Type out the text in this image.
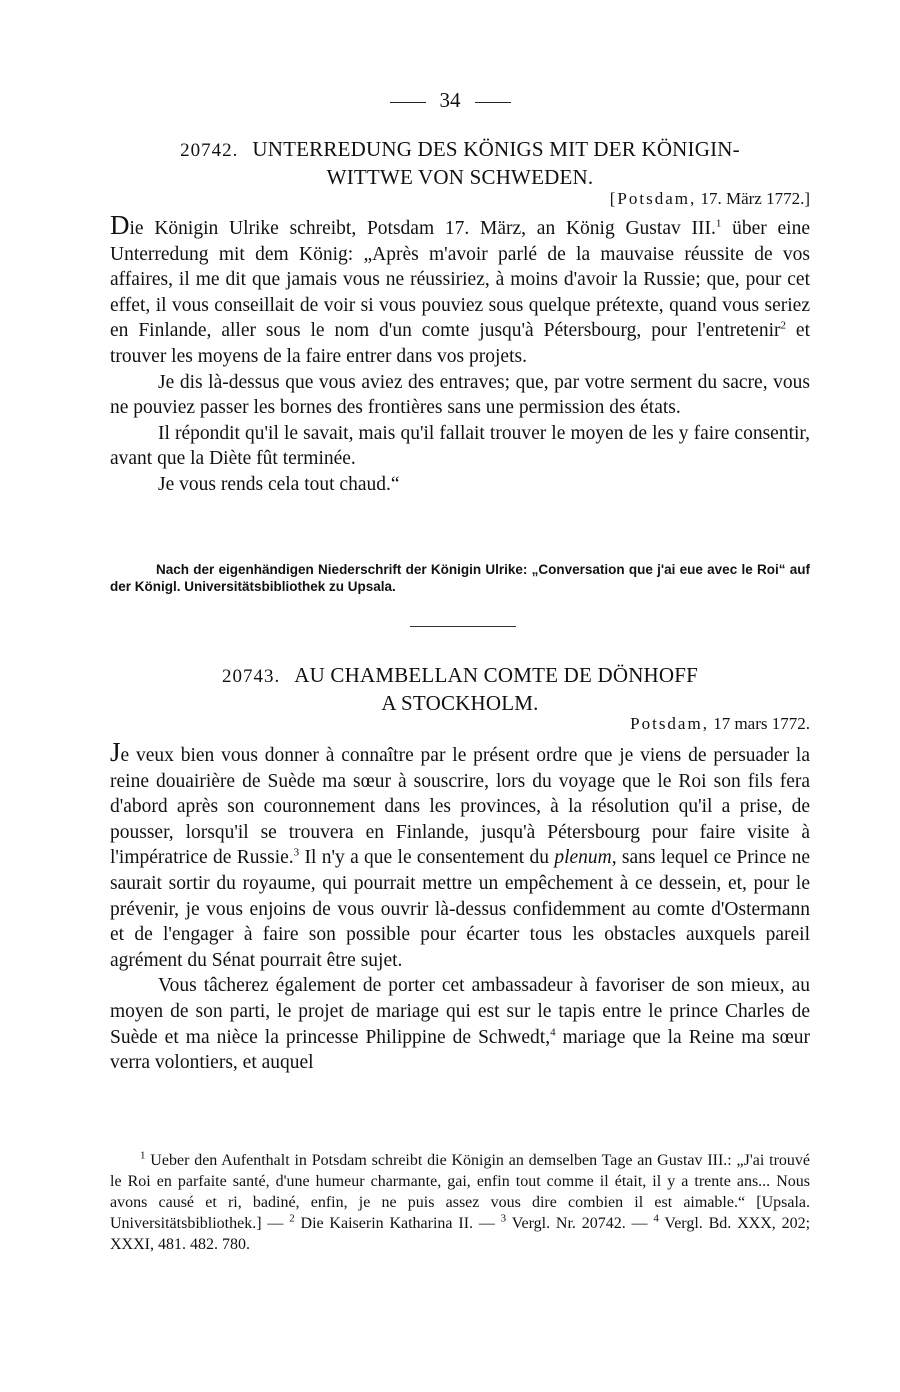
34
20742. UNTERREDUNG DES KÖNIGS MIT DER KÖNIGIN-
WITTWE VON SCHWEDEN.
[Potsdam, 17. März 1772.]

Die Königin Ulrike schreibt, Potsdam 17. März, an König Gustav III.$^1$ über eine Unterredung mit dem König: „Après m'avoir parlé de la mauvaise réussite de vos affaires, il me dit que jamais vous ne réussiriez, à moins d'avoir la Russie; que, pour cet effet, il vous conseillait de voir si vous pouviez sous quelque prétexte, quand vous seriez en Finlande, aller sous le nom d'un comte jusqu'à Pétersbourg, pour l'entretenir$^2$ et trouver les moyens de la faire entrer dans vos projets.

Je dis là-dessus que vous aviez des entraves; que, par votre serment du sacre, vous ne pouviez passer les bornes des frontières sans une permission des états.

Il répondit qu'il le savait, mais qu'il fallait trouver le moyen de les y faire consentir, avant que la Diète fût terminée.

Je vous rends cela tout chaud.“

Nach der eigenhändigen Niederschrift der Königin Ulrike: „Conversation que j'ai eue avec le Roi“ auf der Königl. Universitätsbibliothek zu Upsala.
20743. AU CHAMBELLAN COMTE DE DÖNHOFF
A STOCKHOLM.
Potsdam, 17 mars 1772.

Je veux bien vous donner à connaître par le présent ordre que je viens de persuader la reine douairière de Suède ma sœur à souscrire, lors du voyage que le Roi son fils fera d'abord après son couronnement dans les provinces, à la résolution qu'il a prise, de pousser, lorsqu'il se trouvera en Finlande, jusqu'à Pétersbourg pour faire visite à l'impératrice de Russie.$^3$ Il n'y a que le consentement du plenum, sans lequel ce Prince ne saurait sortir du royaume, qui pourrait mettre un empêchement à ce dessein, et, pour le prévenir, je vous enjoins de vous ouvrir là-dessus confidemment au comte d'Ostermann et de l'engager à faire son possible pour écarter tous les obstacles auxquels pareil agrément du Sénat pourrait être sujet.

Vous tâcherez également de porter cet ambassadeur à favoriser de son mieux, au moyen de son parti, le projet de mariage qui est sur le tapis entre le prince Charles de Suède et ma nièce la princesse Philippine de Schwedt,$^4$ mariage que la Reine ma sœur verra volontiers, et auquel

$^1$ Ueber den Aufenthalt in Potsdam schreibt die Königin an demselben Tage an Gustav III.: „J'ai trouvé le Roi en parfaite santé, d'une humeur charmante, gai, enfin tout comme il était, il y a trente ans... Nous avons causé et ri, badiné, enfin, je ne puis assez vous dire combien il est aimable.“ [Upsala. Universitätsbibliothek.] — $^2$ Die Kaiserin Katharina II. — $^3$ Vergl. Nr. 20742. — $^4$ Vergl. Bd. XXX, 202; XXXI, 481. 482. 780.
